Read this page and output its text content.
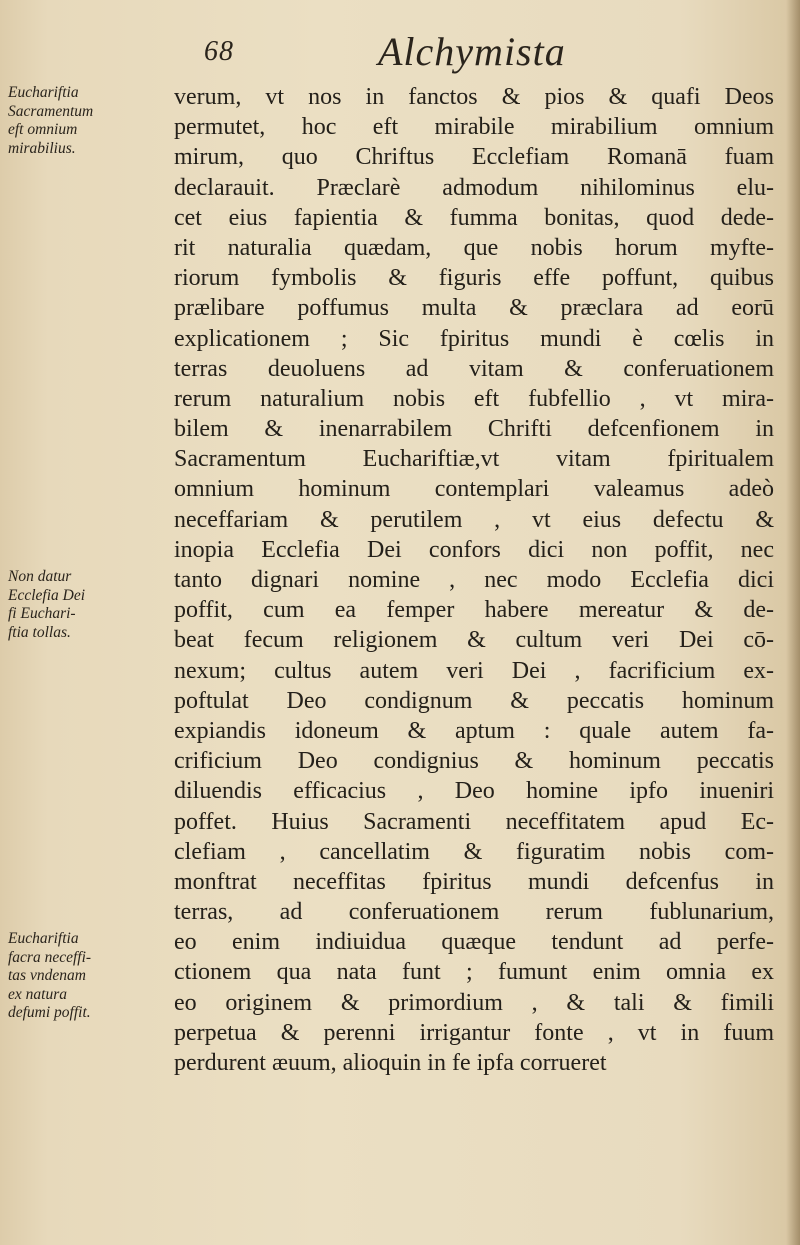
68	Alchymista
verum, vt nos in fanctos & pios & quafi Deos
permutet, hoc eft mirabile mirabilium omnium
mirum, quo Chriftus Ecclefiam Romanā fuam
declarauit. Præclarè admodum nihilominus elu-
cet eius fapientia & fumma bonitas, quod dede-
rit naturalia quædam, que nobis horum myfte-
riorum fymbolis & figuris effe poffunt, quibus
prælibare poffumus multa & præclara ad eorū
explicationem ; Sic fpiritus mundi è cœlis in
terras deuoluens ad vitam & conferuationem
rerum naturalium nobis eft fubfellio , vt mira-
bilem & inenarrabilem Chrifti defcenfionem in
Sacramentum Euchariftiæ,vt vitam fpiritualem
omnium hominum contemplari valeamus adeò
neceffariam & perutilem , vt eius defectu &
inopia Ecclefia Dei confors dici non poffit, nec
tanto dignari nomine , nec modo Ecclefia dici
poffit, cum ea femper habere mereatur & de-
beat fecum religionem & cultum veri Dei cō-
nexum; cultus autem veri Dei , facrificium ex-
poftulat Deo condignum & peccatis hominum
expiandis idoneum & aptum : quale autem fa-
crificium Deo condignius & hominum peccatis
diluendis efficacius , Deo homine ipfo inueniri
poffet. Huius Sacramenti neceffitatem apud Ec-
clefiam , cancellatim & figuratim nobis com-
monftrat neceffitas fpiritus mundi defcenfus in
terras, ad conferuationem rerum fublunarium,
eo enim indiuidua quæque tendunt ad perfe-
ctionem qua nata funt ; fumunt enim omnia ex
eo originem & primordium , & tali & fimili
perpetua & perenni irrigantur fonte , vt in fuum
perdurent æuum, alioquin in fe ipfa corrueret
Euchariftia
Sacramentum
eft omnium
mirabilius.
Non datur
Ecclefia Dei
fi Euchari-
ftia tollas.
Euchariftia
facra neceffi-
tas vndenam
ex natura
defumi poffit.
